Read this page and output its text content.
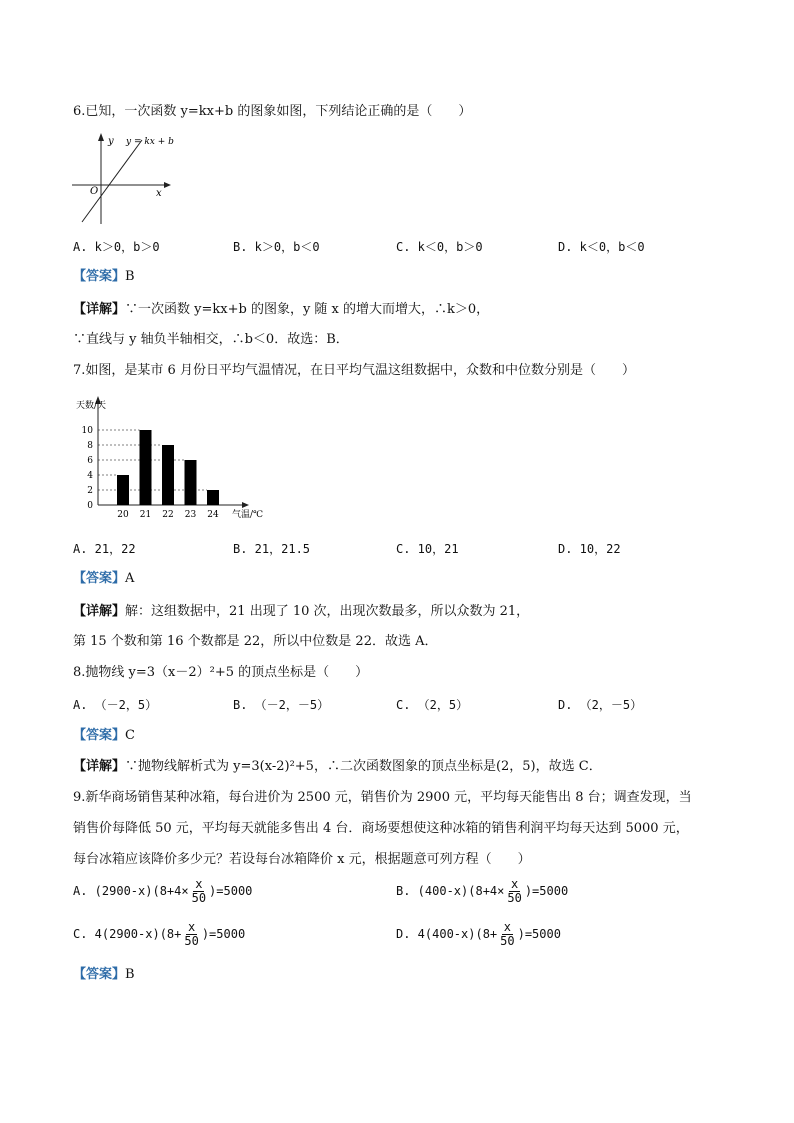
6.已知，一次函数 y=kx+b 的图象如图，下列结论正确的是（　　）
y y = kx + b
O	x
A. k＞0，b＞0	B. k＞0，b＜0	C. k＜0，b＞0	D. k＜0，b＜0
【答案】B
【详解】∵一次函数 y=kx+b 的图象，y 随 x 的增大而增大，∴k＞0，
∵直线与 y 轴负半轴相交，∴b＜0．故选：B．
7.如图，是某市 6 月份日平均气温情况，在日平均气温这组数据中，众数和中位数分别是（　　）
0
2
4
6
8
10
20 21 22 23 24
天数/天
气温/℃
A. 21，22	B. 21，21.5	C. 10，21	D. 10，22
【答案】A
【详解】解：这组数据中，21 出现了 10 次，出现次数最多，所以众数为 21，
第 15 个数和第 16 个数都是 22，所以中位数是 22．故选 A．
8.抛物线 y=3（x－2）²+5 的顶点坐标是（　　）
A. （－2，5）	B. （－2，－5）	C. （2，5）	D. （2，－5）
【答案】C
【详解】∵抛物线解析式为 y=3(x-2)²+5，∴二次函数图象的顶点坐标是(2，5)，故选 C．
9.新华商场销售某种冰箱，每台进价为 2500 元，销售价为 2900 元，平均每天能售出 8 台；调查发现，当
销售价每降低 50 元，平均每天就能多售出 4 台．商场要想使这种冰箱的销售利润平均每天达到 5000 元，
每台冰箱应该降价多少元？若设每台冰箱降价 x 元，根据题意可列方程（　　）
A. $(2900-x)(8+4\times \frac{x}{50} )=5000$	B. $(400-x)(8+4\times \frac{x}{50} )=5000$
C. $4(2900-x)(8+ \frac{x}{50} )=5000$	D. $4(400-x)(8+ \frac{x}{50} )=5000$
【答案】B
